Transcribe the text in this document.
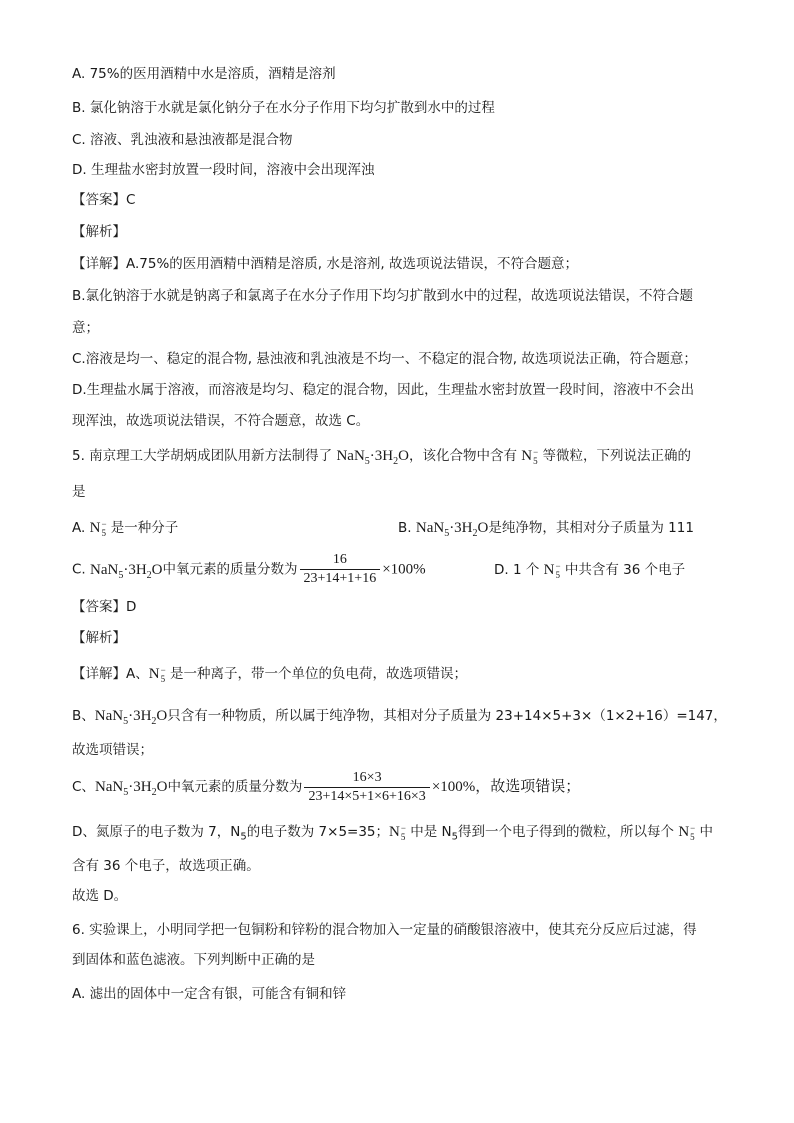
A. 75%的医用酒精中水是溶质，酒精是溶剂
B. 氯化钠溶于水就是氯化钠分子在水分子作用下均匀扩散到水中的过程
C. 溶液、乳浊液和悬浊液都是混合物
D. 生理盐水密封放置一段时间，溶液中会出现浑浊
【答案】C
【解析】
【详解】A.75%的医用酒精中酒精是溶质, 水是溶剂, 故选项说法错误，不符合题意；
B.氯化钠溶于水就是钠离子和氯离子在水分子作用下均匀扩散到水中的过程，故选项说法错误，不符合题
意；
C.溶液是均一、稳定的混合物, 悬浊液和乳浊液是不均一、不稳定的混合物, 故选项说法正确，符合题意；
D.生理盐水属于溶液，而溶液是均匀、稳定的混合物，因此，生理盐水密封放置一段时间，溶液中不会出
现浑浊，故选项说法错误，不符合题意，故选 C。
5. 南京理工大学胡炳成团队用新方法制得了 $NaN_5\cdot 3H_2O$，该化合物中含有 N −
5 等微粒，下列说法正确的
是
A. N −
5 是一种分子	B. $NaN_5\cdot 3H_2O$是纯净物，其相对分子质量为 111
C. $NaN_5\cdot 3H_2O$中氧元素的质量分数为 $\frac{16}{23+14+1+16} \times 100\%$	D. 1 个 N −
5 中共含有 36 个电子
【答案】D
【解析】
【详解】A、N −
5 是一种离子，带一个单位的负电荷，故选项错误；
B、$NaN_5\cdot 3H_2O$只含有一种物质，所以属于纯净物，其相对分子质量为 23+14×5+3×（1×2+16）=147，
故选项错误；
C、$NaN_5\cdot 3H_2O$中氧元素的质量分数为 $\frac{16\times 3}{23+14\times 5+1\times 6+16\times 3} \times 100\%$，故选项错误；
D、氮原子的电子数为 7，$N_5$的电子数为 7×5=35；N −
5 中是 $N_5$得到一个电子得到的微粒，所以每个 N −
5 中
含有 36 个电子，故选项正确。
故选 D。
6. 实验课上，小明同学把一包铜粉和锌粉的混合物加入一定量的硝酸银溶液中，使其充分反应后过滤，得
到固体和蓝色滤液。下列判断中正确的是
A. 滤出的固体中一定含有银，可能含有铜和锌
